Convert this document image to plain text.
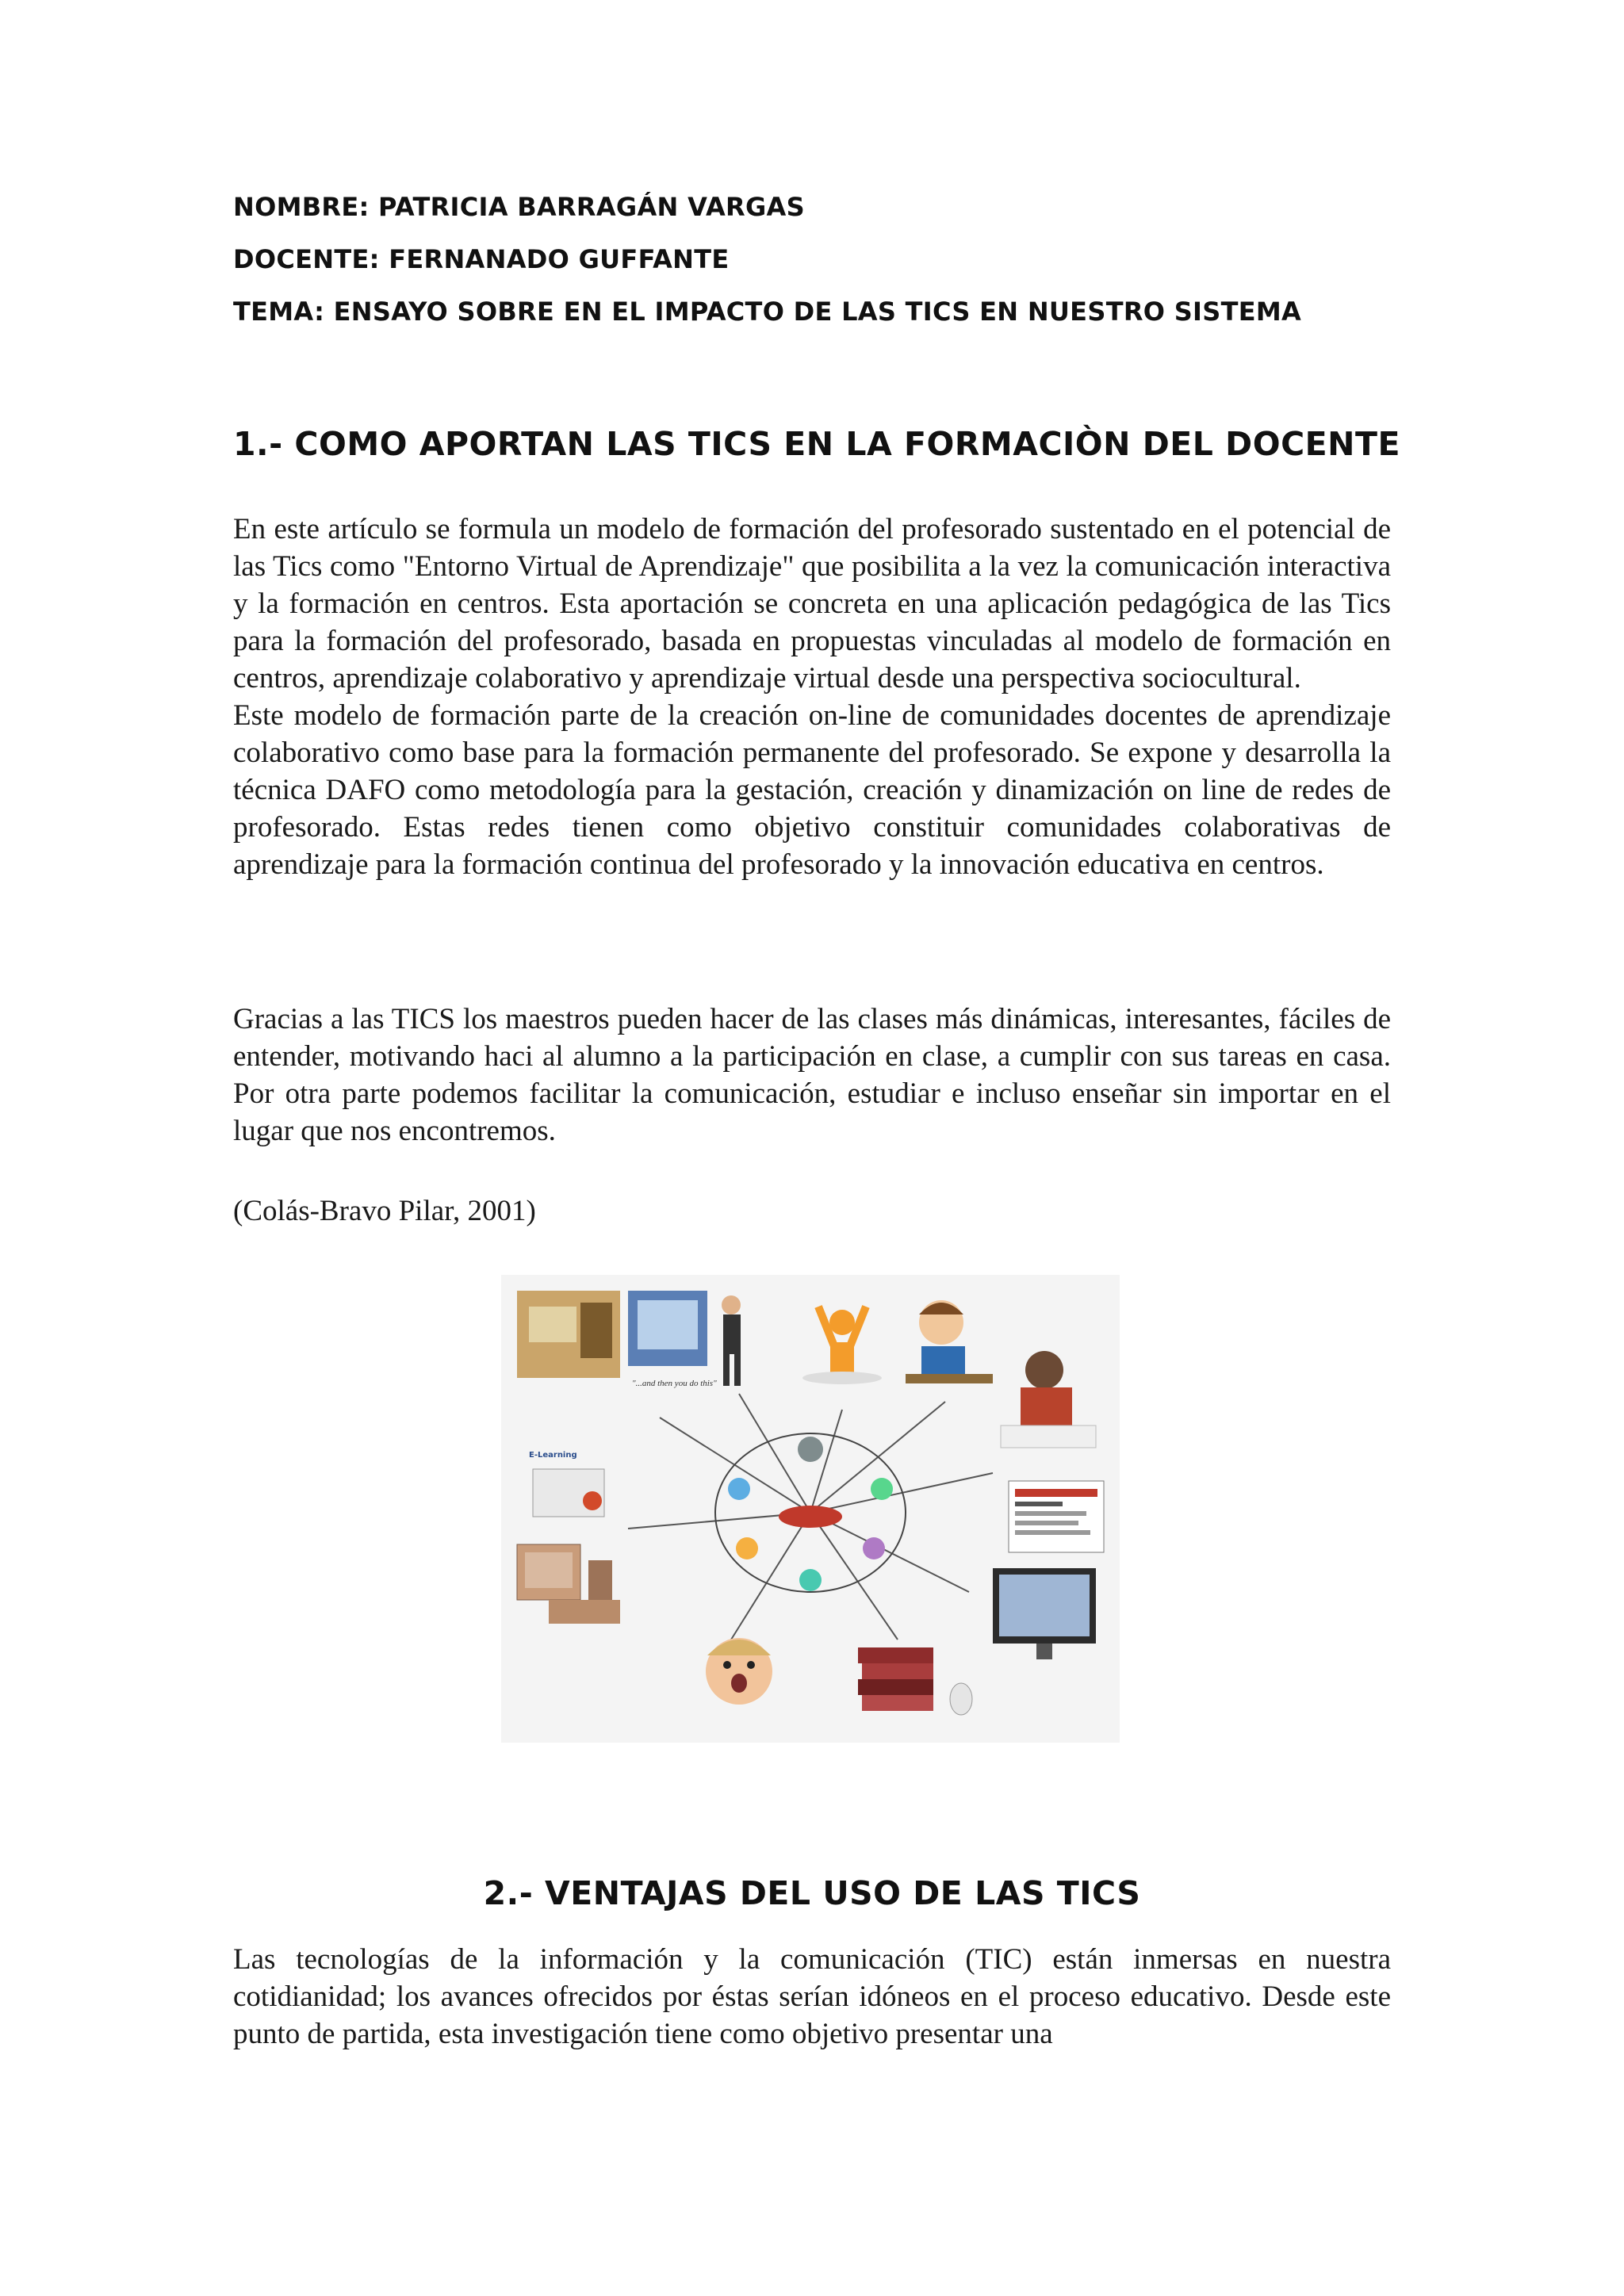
NOMBRE: PATRICIA BARRAGÁN VARGAS
DOCENTE: FERNANADO GUFFANTE
TEMA: ENSAYO SOBRE EN EL IMPACTO DE LAS TICS EN NUESTRO SISTEMA
1.- COMO APORTAN LAS TICS EN LA FORMACIÒN DEL DOCENTE

En este artículo se formula un modelo de formación del profesorado sustentado en el potencial de las Tics como "Entorno Virtual de Aprendizaje" que posibilita a la vez la comunicación interactiva y la formación en centros. Esta aportación se concreta en una aplicación pedagógica de las Tics para la formación del profesorado, basada en propuestas vinculadas al modelo de formación en centros, aprendizaje colaborativo y aprendizaje virtual desde una perspectiva sociocultural.

Este modelo de formación parte de la creación on-line de comunidades docentes de aprendizaje colaborativo como base para la formación permanente del profesorado. Se expone y desarrolla la técnica DAFO como metodología para la gestación, creación y dinamización on line de redes de profesorado. Estas redes tienen como objetivo constituir comunidades colaborativas de aprendizaje para la formación continua del profesorado y la innovación educativa en centros.

Gracias a las TICS los maestros pueden hacer de las clases más dinámicas, interesantes, fáciles de entender, motivando haci al alumno a la participación en clase, a cumplir con sus tareas en casa. Por otra parte podemos facilitar la comunicación, estudiar e incluso enseñar sin importar en el lugar que nos encontremos.

(Colás-Bravo Pilar, 2001)

"...and then you do this"
E-Learning
2.- VENTAJAS DEL USO DE LAS TICS

Las tecnologías de la información y la comunicación (TIC) están inmersas en nuestra cotidianidad; los avances ofrecidos por éstas serían idóneos en el proceso educativo. Desde este punto de partida, esta investigación tiene como objetivo presentar una
